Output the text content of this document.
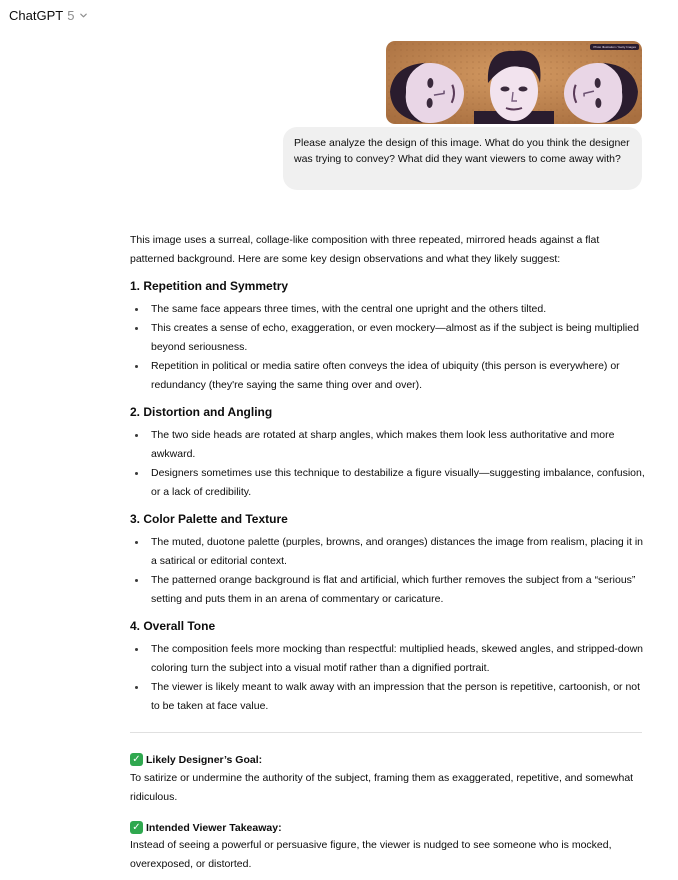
ChatGPT 5
Photo Illustration / Getty Images
Please analyze the design of this image. What do you think the designer was trying to convey? What did they want viewers to come away with?

This image uses a surreal, collage-like composition with three repeated, mirrored heads against a flat patterned background. Here are some key design observations and what they likely suggest:

1. Repetition and Symmetry
The same face appears three times, with the central one upright and the others tilted.
This creates a sense of echo, exaggeration, or even mockery—almost as if the subject is being multiplied beyond seriousness.
Repetition in political or media satire often conveys the idea of ubiquity (this person is everywhere) or redundancy (they're saying the same thing over and over).
2. Distortion and Angling
The two side heads are rotated at sharp angles, which makes them look less authoritative and more awkward.
Designers sometimes use this technique to destabilize a figure visually—suggesting imbalance, confusion, or a lack of credibility.
3. Color Palette and Texture
The muted, duotone palette (purples, browns, and oranges) distances the image from realism, placing it in a satirical or editorial context.
The patterned orange background is flat and artificial, which further removes the subject from a “serious” setting and puts them in an arena of commentary or caricature.
4. Overall Tone
The composition feels more mocking than respectful: multiplied heads, skewed angles, and stripped-down coloring turn the subject into a visual motif rather than a dignified portrait.
The viewer is likely meant to walk away with an impression that the person is repetitive, cartoonish, or not to be taken at face value.
✓ Likely Designer’s Goal:
To satirize or undermine the authority of the subject, framing them as exaggerated, repetitive, and somewhat ridiculous.
✓ Intended Viewer Takeaway:
Instead of seeing a powerful or persuasive figure, the viewer is nudged to see someone who is mocked, overexposed, or distorted.
